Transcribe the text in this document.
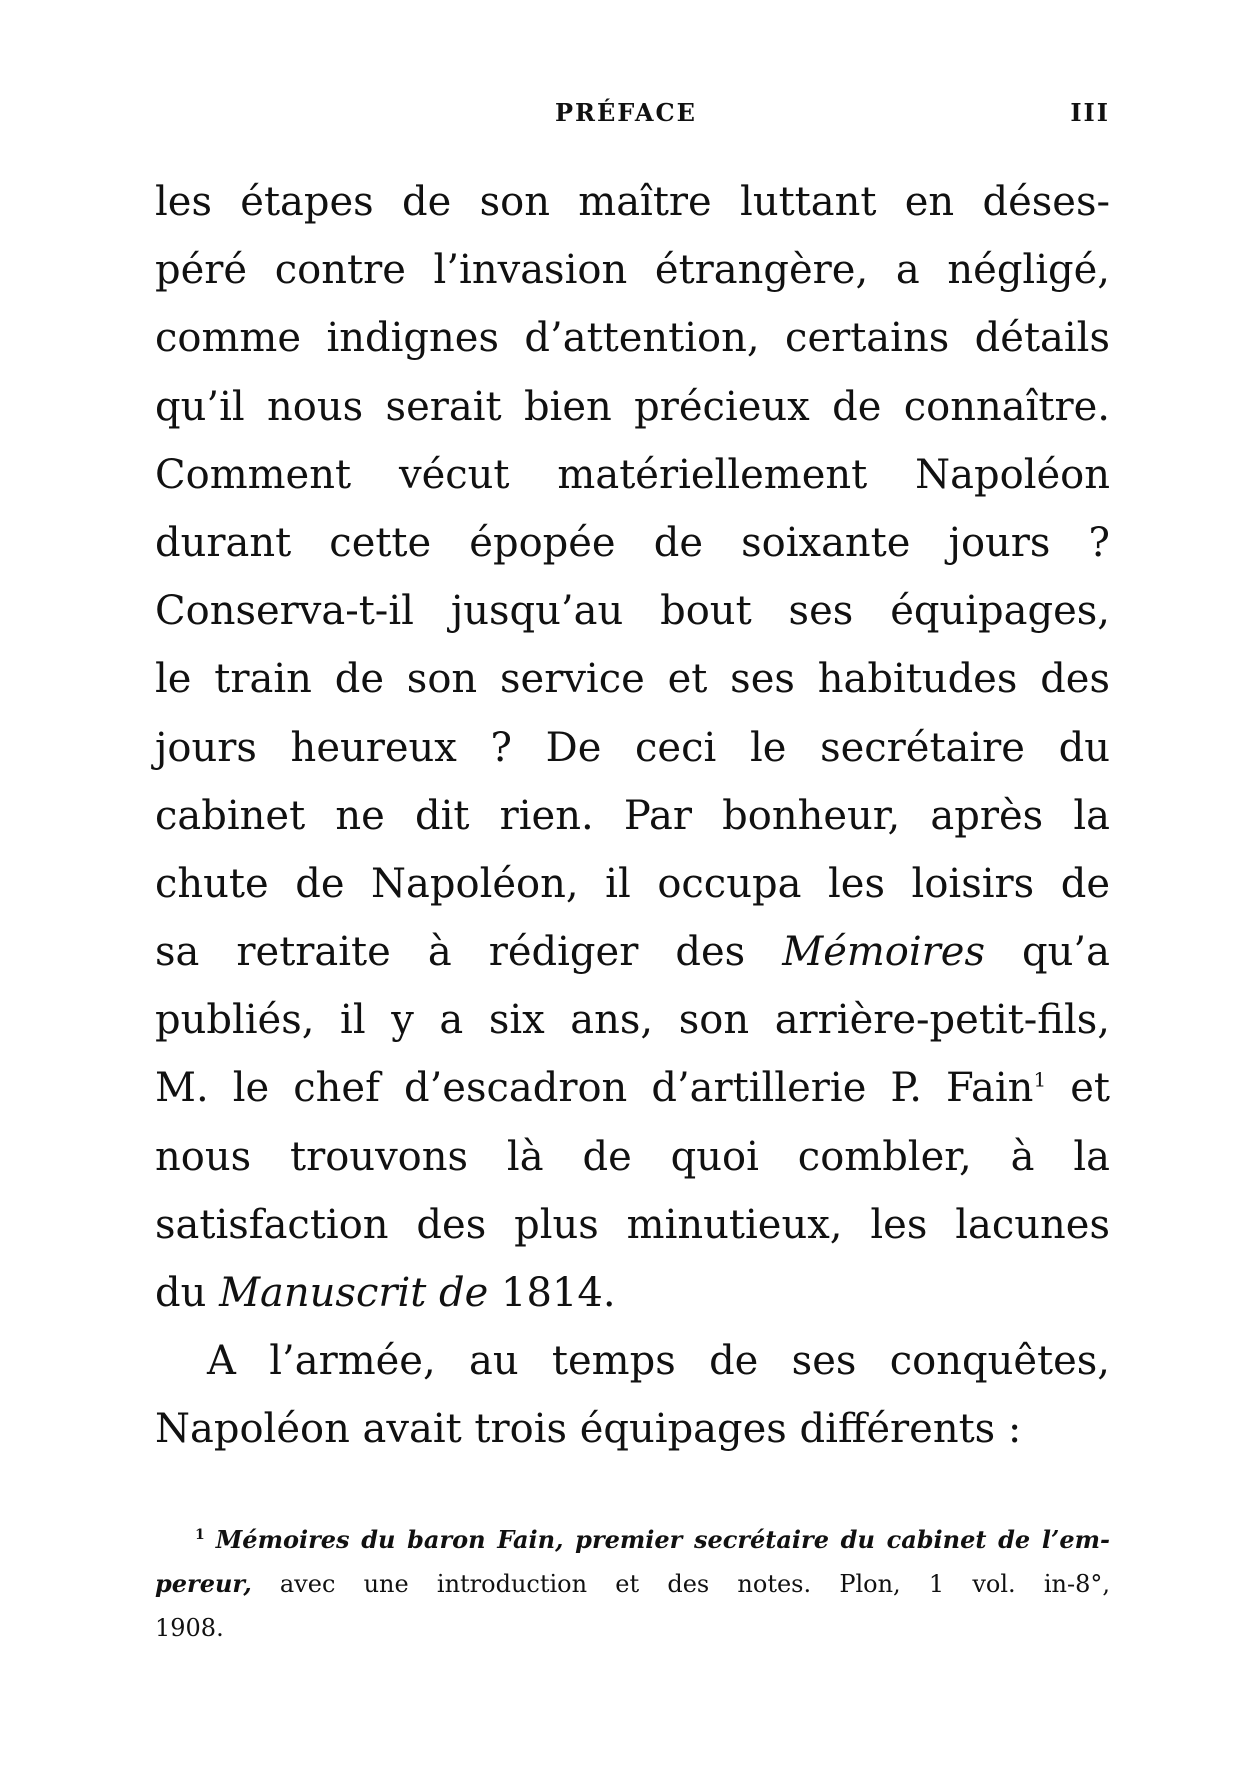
PRÉFACE	III
les étapes de son maître luttant en déses-
péré contre l’invasion étrangère, a négligé,
comme indignes d’attention, certains détails
qu’il nous serait bien précieux de connaître.
Comment vécut matériellement Napoléon
durant cette épopée de soixante jours ?
Conserva-t-il jusqu’au bout ses équipages,
le train de son service et ses habitudes des
jours heureux ? De ceci le secrétaire du
cabinet ne dit rien. Par bonheur, après la
chute de Napoléon, il occupa les loisirs de
sa retraite à rédiger des Mémoires qu’a
publiés, il y a six ans, son arrière-petit-fils,
M. le chef d’escadron d’artillerie P. Fain$^1$ et
nous trouvons là de quoi combler, à la
satisfaction des plus minutieux, les lacunes
du Manuscrit de 1814.
A l’armée, au temps de ses conquêtes,
Napoléon avait trois équipages différents :
$^1$ Mémoires du baron Fain, premier secrétaire du cabinet de l’em-
pereur, avec une introduction et des notes. Plon, 1 vol. in-8°,
1908.
